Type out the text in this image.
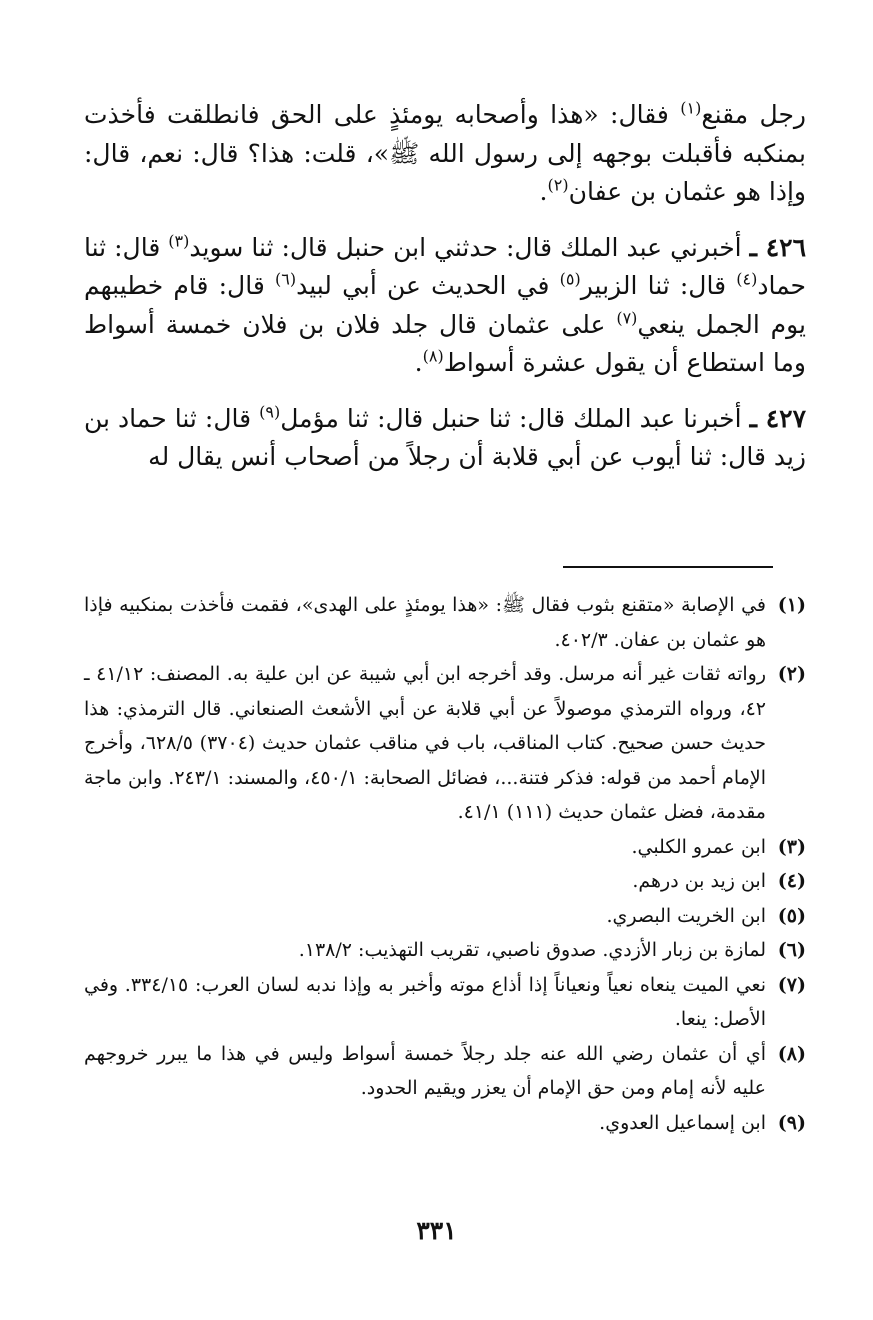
رجل مقنع$^{(١)}$ فقال: «هذا وأصحابه يومئذٍ على الحق فانطلقت فأخذت بمنكبه فأقبلت بوجهه إلى رسول الله ﷺ»، قلت: هذا؟ قال: نعم، قال: وإذا هو عثمان بن عفان$^{(٢)}$.

٤٢٦ ـ أخبرني عبد الملك قال: حدثني ابن حنبل قال: ثنا سويد$^{(٣)}$ قال: ثنا حماد$^{(٤)}$ قال: ثنا الزبير$^{(٥)}$ في الحديث عن أبي لبيد$^{(٦)}$ قال: قام خطيبهم يوم الجمل ينعي$^{(٧)}$ على عثمان قال جلد فلان بن فلان خمسة أسواط وما استطاع أن يقول عشرة أسواط$^{(٨)}$.

٤٢٧ ـ أخبرنا عبد الملك قال: ثنا حنبل قال: ثنا مؤمل$^{(٩)}$ قال: ثنا حماد بن زيد قال: ثنا أيوب عن أبي قلابة أن رجلاً من أصحاب أنس يقال له

(١)
في الإصابة «متقنع بثوب فقال ﷺ: «هذا يومئذٍ على الهدى»، فقمت فأخذت بمنكبيه فإذا هو عثمان بن عفان. ٤٠٢/٣.
(٢)
رواته ثقات غير أنه مرسل. وقد أخرجه ابن أبي شيبة عن ابن علية به. المصنف: ٤١/١٢ ـ ٤٢، ورواه الترمذي موصولاً عن أبي قلابة عن أبي الأشعث الصنعاني. قال الترمذي: هذا حديث حسن صحيح. كتاب المناقب، باب في مناقب عثمان حديث (٣٧٠٤) ٦٢٨/٥، وأخرج الإمام أحمد من قوله: فذكر فتنة...، فضائل الصحابة: ٤٥٠/١، والمسند: ٢٤٣/١. وابن ماجة مقدمة، فضل عثمان حديث (١١١) ٤١/١.
(٣)
ابن عمرو الكلبي.
(٤)
ابن زيد بن درهم.
(٥)
ابن الخريت البصري.
(٦)
لمازة بن زبار الأزدي. صدوق ناصبي، تقريب التهذيب: ١٣٨/٢.
(٧)
نعي الميت ينعاه نعياً ونعياناً إذا أذاع موته وأخبر به وإذا ندبه لسان العرب: ٣٣٤/١٥. وفي الأصل: ينعا.
(٨)
أي أن عثمان رضي الله عنه جلد رجلاً خمسة أسواط وليس في هذا ما يبرر خروجهم عليه لأنه إمام ومن حق الإمام أن يعزر ويقيم الحدود.
(٩)
ابن إسماعيل العدوي.
٣٣١
